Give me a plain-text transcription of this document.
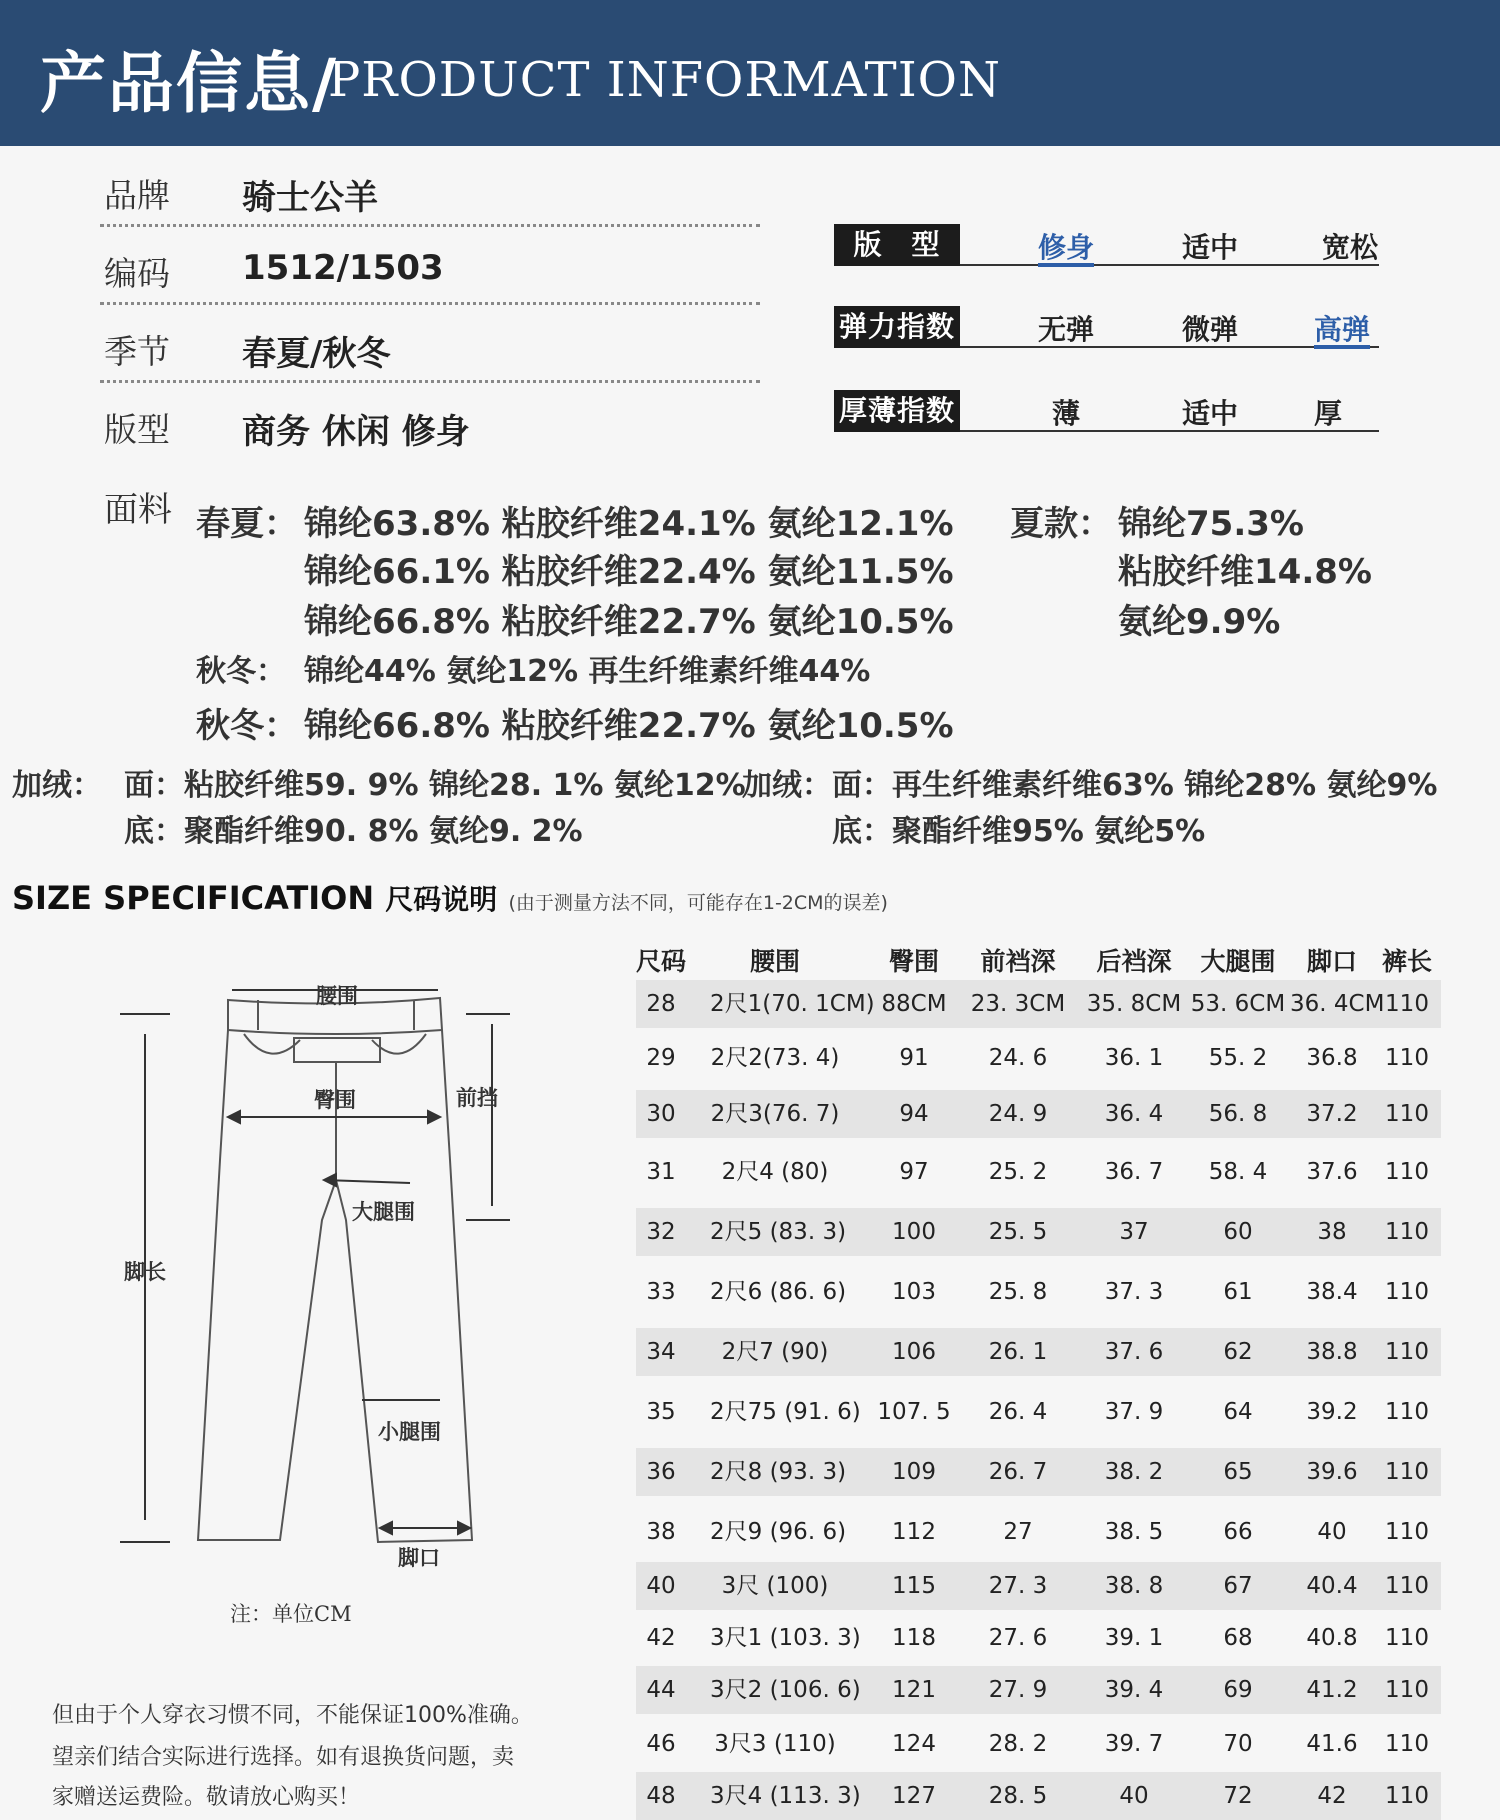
产品信息/
PRODUCT INFORMATION
品牌 骑士公羊
编码 1512/1503
季节 春夏/秋冬
版型 商务 休闲 修身
版　型	修身	适中	宽松
弹力指数	无弹	微弹	高弹
厚薄指数	薄	适中	厚
面料 春夏： 锦纶63.8% 粘胶纤维24.1% 氨纶12.1%
锦纶66.1% 粘胶纤维22.4% 氨纶11.5%
锦纶66.8% 粘胶纤维22.7% 氨纶10.5%
夏款： 锦纶75.3%
粘胶纤维14.8%
氨纶9.9%
秋冬： 锦纶44% 氨纶12% 再生纤维素纤维44%
秋冬： 锦纶66.8% 粘胶纤维22.7% 氨纶10.5%
加绒： 面：粘胶纤维59. 9% 锦纶28. 1% 氨纶12%
底：聚酯纤维90. 8% 氨纶9. 2%
加绒：面：再生纤维素纤维63% 锦纶28% 氨纶9%
底：聚酯纤维95% 氨纶5%
SIZE SPECIFICATION 尺码说明 (由于测量方法不同，可能存在1-2CM的误差)
尺码	腰围	臀围	前裆深	后裆深	大腿围	脚口 裤长
28	2尺1(70. 1CM) 88CM 23. 3CM 35. 8CM 53. 6CM 36. 4CM 110
29	2尺2(73. 4)	91	24. 6	36. 1	55. 2	36.8	110
30	2尺3(76. 7)	94	24. 9	36. 4	56. 8	37.2	110
31	2尺4 (80)	97	25. 2	36. 7	58. 4	37.6	110
32	2尺5 (83. 3)	100	25. 5	37	60	38	110
33	2尺6 (86. 6)	103	25. 8	37. 3	61	38.4	110
34	2尺7 (90)	106	26. 1	37. 6	62	38.8	110
35	2尺75 (91. 6) 107. 5	26. 4	37. 9	64	39.2	110
36	2尺8 (93. 3)	109	26. 7	38. 2	65	39.6	110
38	2尺9 (96. 6)	112	27	38. 5	66	40	110
40	3尺 (100)	115	27. 3	38. 8	67	40.4	110
42	3尺1 (103. 3)	118	27. 6	39. 1	68	40.8	110
44	3尺2 (106. 6)	121	27. 9	39. 4	69	41.2	110
46	3尺3 (110)	124	28. 2	39. 7	70	41.6	110
48	3尺4 (113. 3)	127	28. 5	40	72	42	110
腰围
臀围	前挡
大腿围
脚长
小腿围
脚口
注：单位CM
但由于个人穿衣习惯不同，不能保证100%准确。
望亲们结合实际进行选择。如有退换货问题，卖
家赠送运费险。敬请放心购买！
